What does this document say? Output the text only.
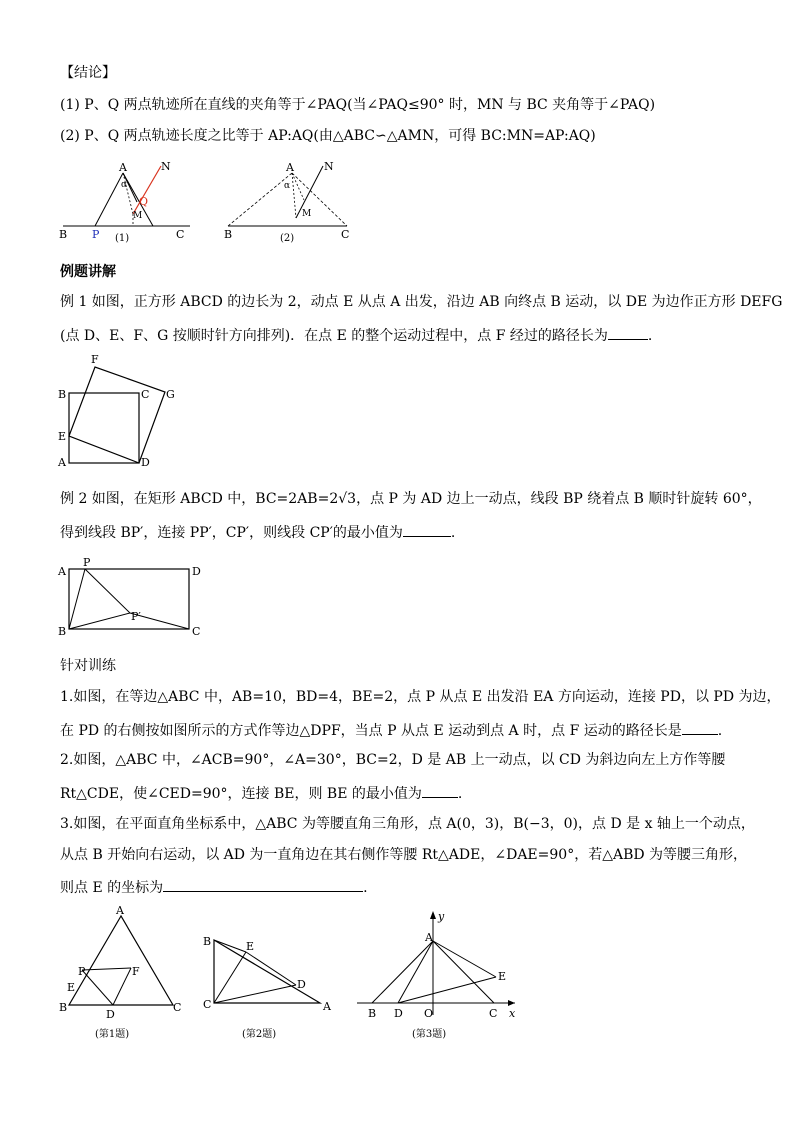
【结论】
(1) P、Q 两点轨迹所在直线的夹角等于∠PAQ(当∠PAQ≤90° 时，MN 与 BC 夹角等于∠PAQ)
(2) P、Q 两点轨迹长度之比等于 AP:AQ(由△ABC∽△AMN，可得 BC:MN=AP:AQ)
A	N
α
Q
M
B P	C
(1)
A	N
α
M
B	C
(2)
例题讲解
例 1 如图，正方形 ABCD 的边长为 2，动点 E 从点 A 出发，沿边 AB 向终点 B 运动，以 DE 为边作正方形 DEFG
(点 D、E、F、G 按顺时针方向排列)．在点 E 的整个运动过程中，点 F 经过的路径长为	.
F
B	C G
E
A	D
例 2 如图，在矩形 ABCD 中，BC=2AB=2√3，点 P 为 AD 边上一动点，线段 BP 绕着点 B 顺时针旋转 60°，
得到线段 BP′，连接 PP′，CP′，则线段 CP′的最小值为	.
A
P
D
P′
B	C
针对训练
1.如图，在等边△ABC 中，AB=10，BD=4，BE=2，点 P 从点 E 出发沿 EA 方向运动，连接 PD，以 PD 为边，
在 PD 的右侧按如图所示的方式作等边△DPF，当点 P 从点 E 运动到点 A 时，点 F 运动的路径长是	.
2.如图，△ABC 中，∠ACB=90°，∠A=30°，BC=2，D 是 AB 上一动点，以 CD 为斜边向左上方作等腰
Rt△CDE，使∠CED=90°，连接 BE，则 BE 的最小值为	.
3.如图，在平面直角坐标系中，△ABC 为等腰直角三角形，点 A(0，3)，B(−3，0)，点 D 是 x 轴上一个动点，
从点 B 开始向右运动，以 AD 为一直角边在其右侧作等腰 Rt△ADE，∠DAE=90°，若△ABD 为等腰三角形，
则点 E 的坐标为	.
A
P	F
E
B
D
C
(第1题)
B	E
D
C	A
(第2题)
y
A
E
B D O	C x
(第3题)
